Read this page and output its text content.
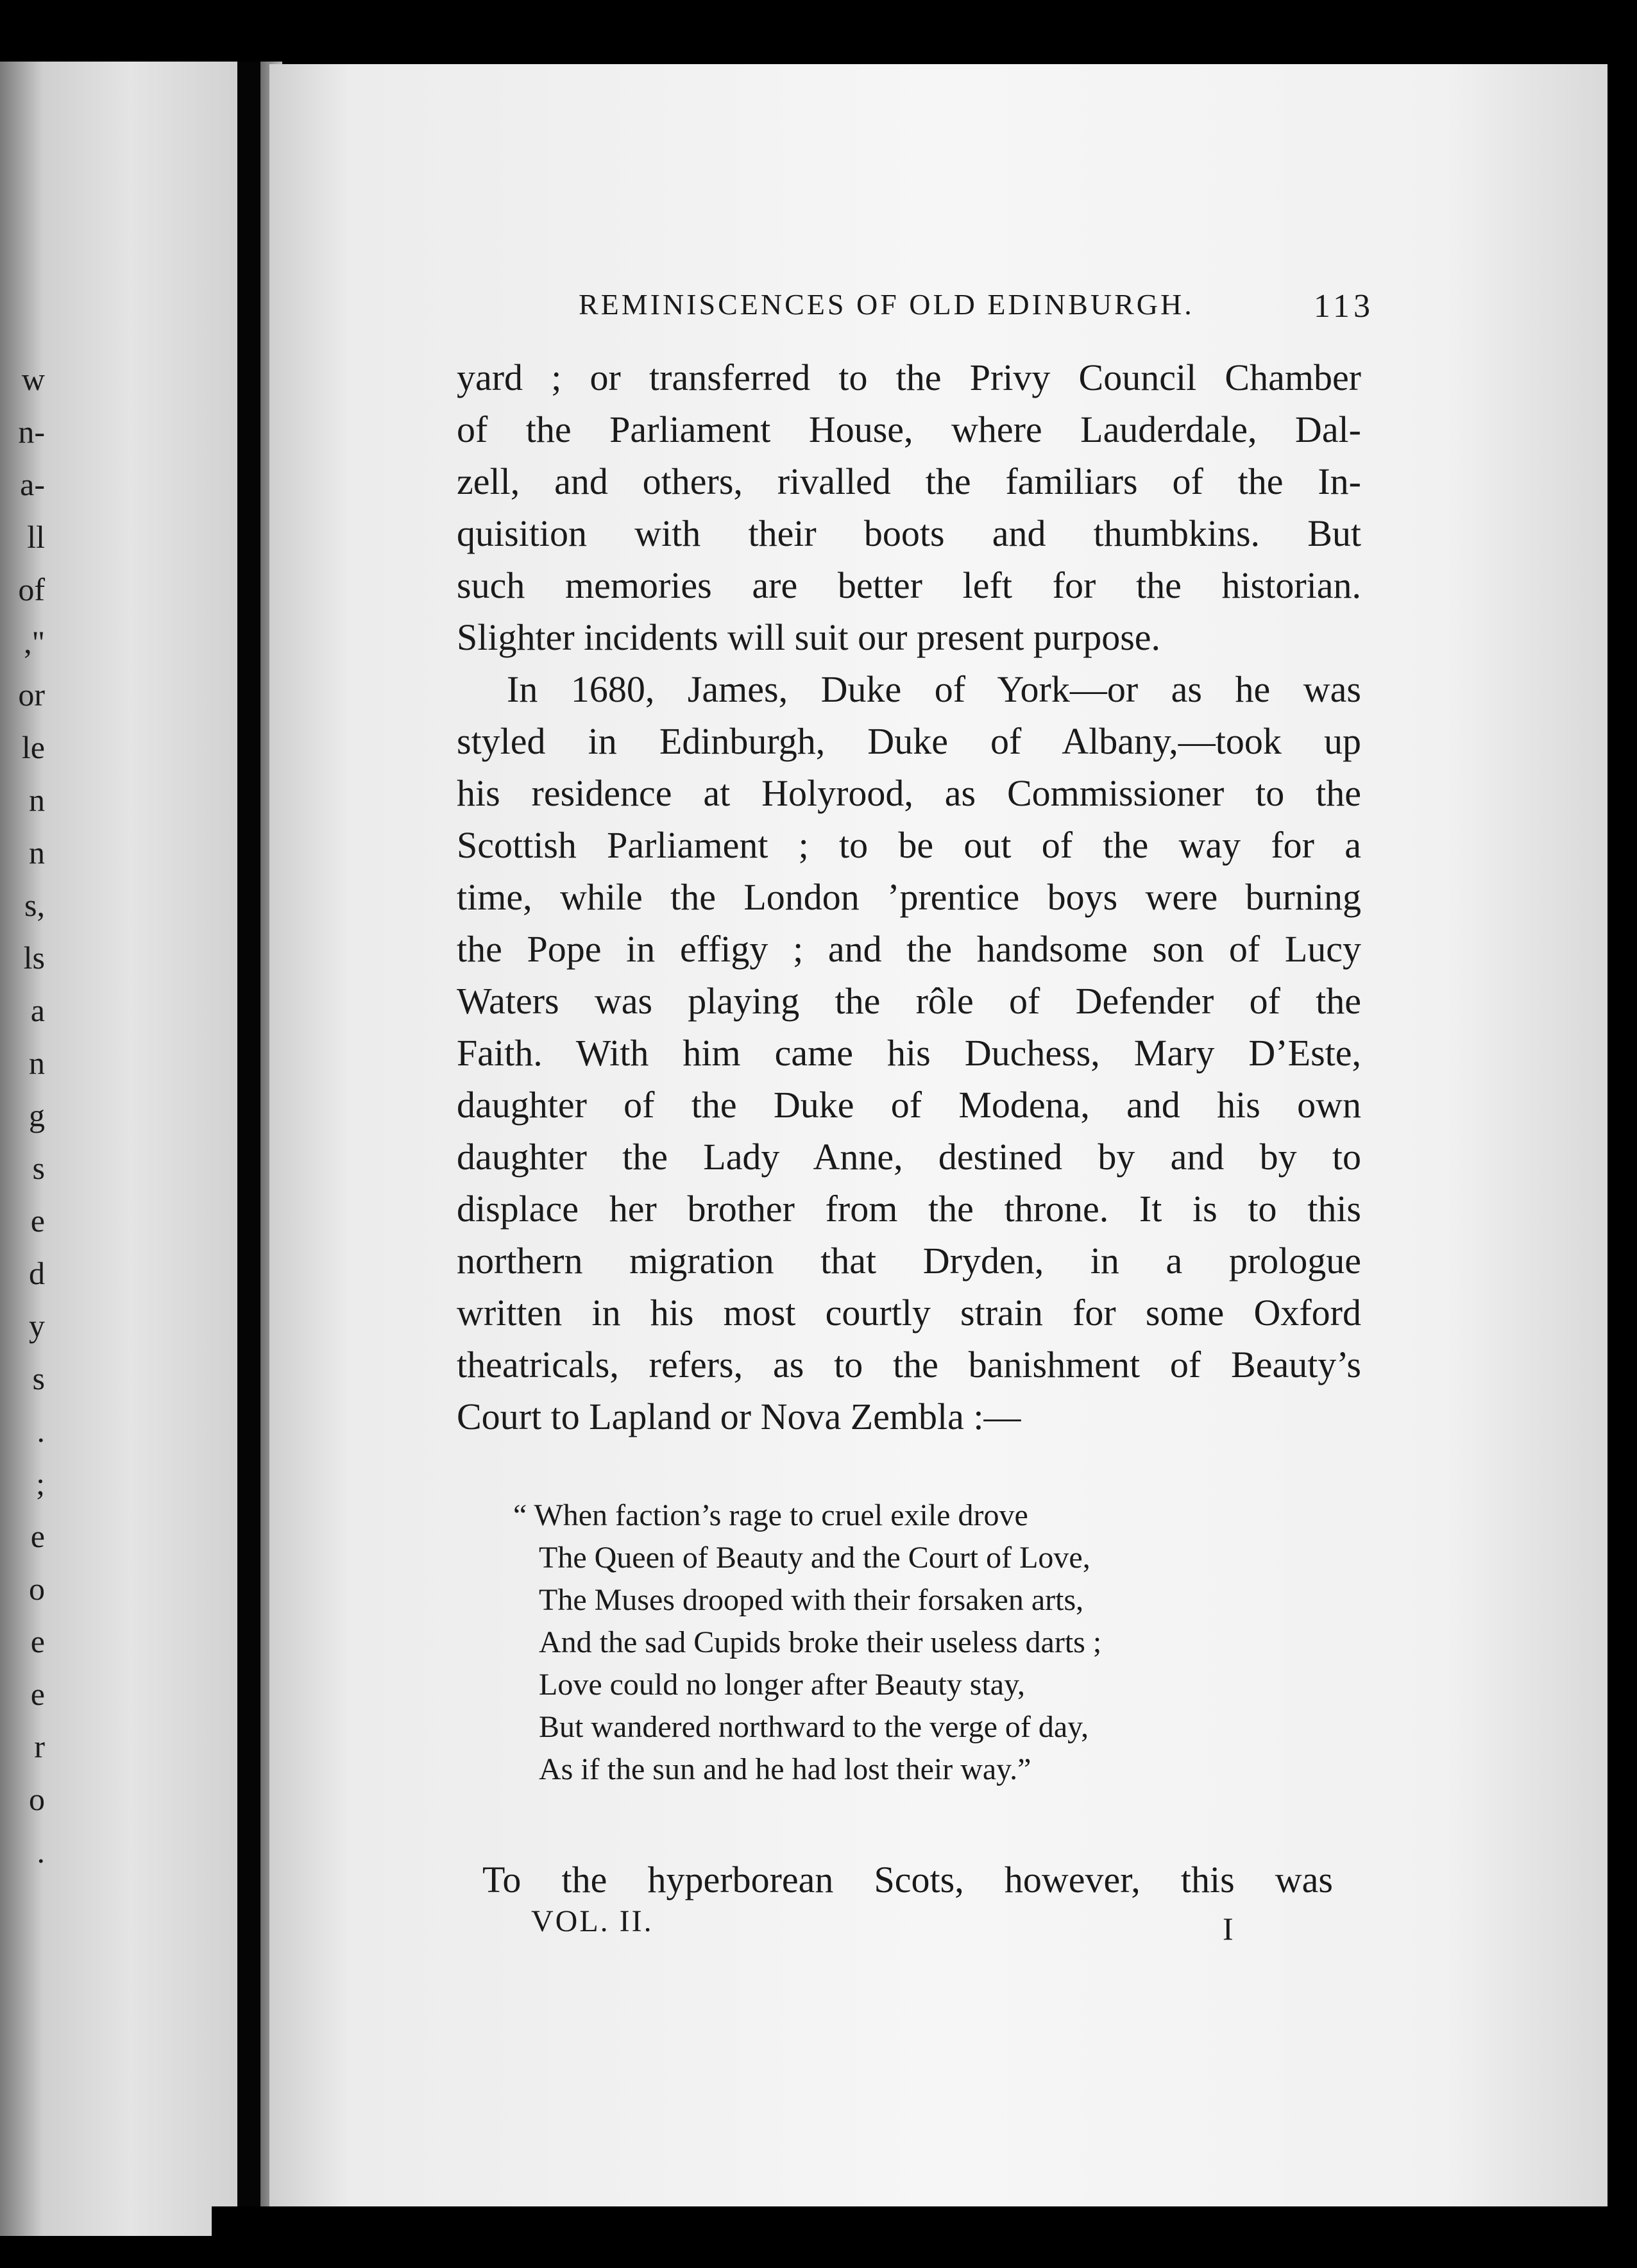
w
n-
a-
ll
of
,"
or
le
n
n
s,
ls
a
n
g
s
e
d
y
s
.
;
e
o
e
e
r
o
.
REMINISCENCES OF OLD EDINBURGH.	113
yard ; or transferred to the Privy Council Chamber
of the Parliament House, where Lauderdale, Dal-
zell, and others, rivalled the familiars of the In-
quisition with their boots and thumbkins. But
such memories are better left for the historian.
Slighter incidents will suit our present purpose.
In 1680, James, Duke of York—or as he was
styled in Edinburgh, Duke of Albany,—took up
his residence at Holyrood, as Commissioner to the
Scottish Parliament ; to be out of the way for a
time, while the London ’prentice boys were burning
the Pope in effigy ; and the handsome son of Lucy
Waters was playing the rôle of Defender of the
Faith. With him came his Duchess, Mary D’Este,
daughter of the Duke of Modena, and his own
daughter the Lady Anne, destined by and by to
displace her brother from the throne. It is to this
northern migration that Dryden, in a prologue
written in his most courtly strain for some Oxford
theatricals, refers, as to the banishment of Beauty’s
Court to Lapland or Nova Zembla :—
“ When faction’s rage to cruel exile drove
The Queen of Beauty and the Court of Love,
The Muses drooped with their forsaken arts,
And the sad Cupids broke their useless darts ;
Love could no longer after Beauty stay,
But wandered northward to the verge of day,
As if the sun and he had lost their way.”
To the hyperborean Scots, however, this was
VOL. II.	I
